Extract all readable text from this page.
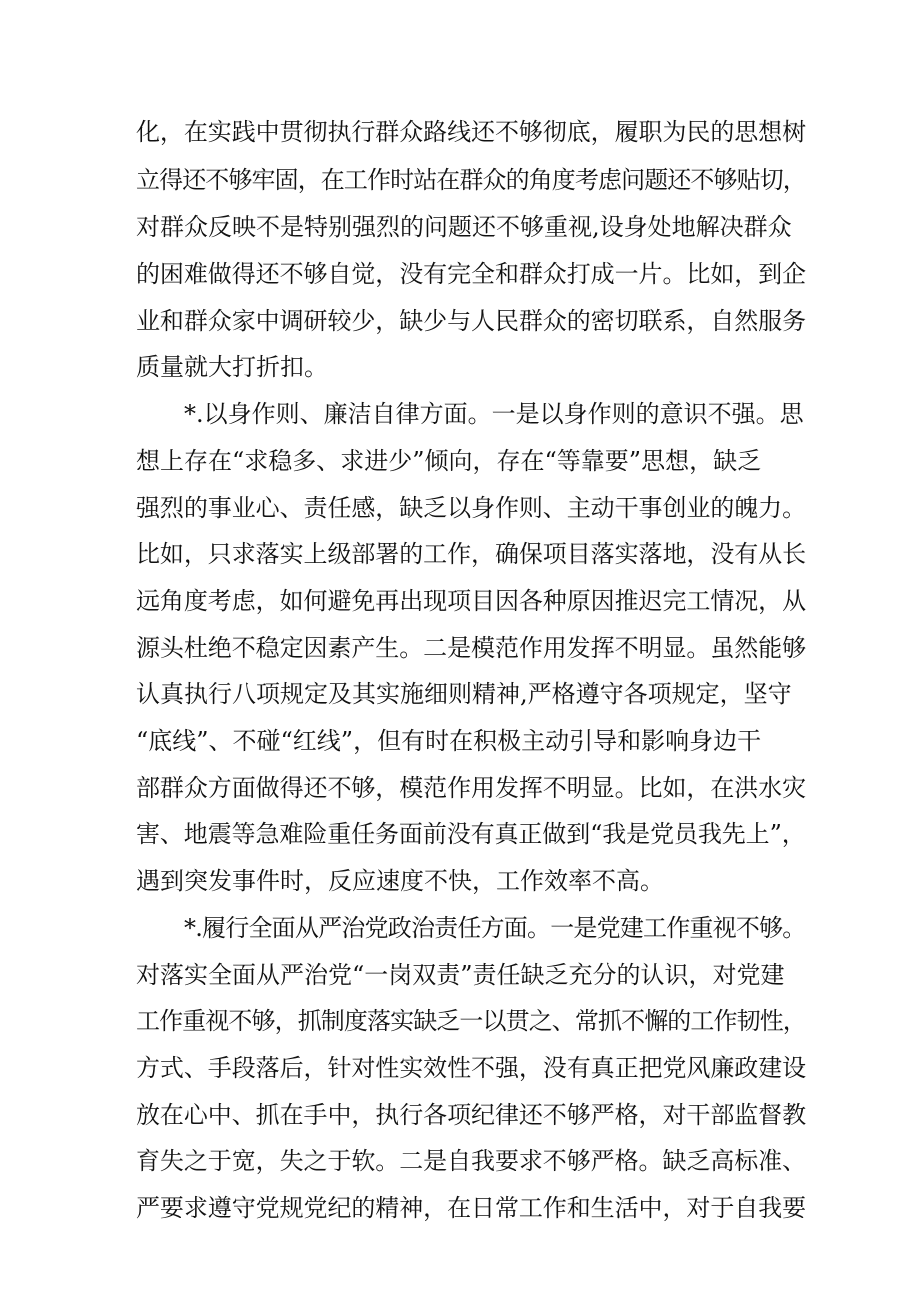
化，在实践中贯彻执行群众路线还不够彻底，履职为民的思想树
立得还不够牢固，在工作时站在群众的角度考虑问题还不够贴切，
对群众反映不是特别强烈的问题还不够重视,设身处地解决群众
的困难做得还不够自觉，没有完全和群众打成一片。比如，到企
业和群众家中调研较少，缺少与人民群众的密切联系，自然服务
质量就大打折扣。
*.以身作则、廉洁自律方面。一是以身作则的意识不强。思
想上存在“求稳多、求进少”倾向，存在“等靠要”思想，缺乏
强烈的事业心、责任感，缺乏以身作则、主动干事创业的魄力。
比如，只求落实上级部署的工作，确保项目落实落地，没有从长
远角度考虑，如何避免再出现项目因各种原因推迟完工情况，从
源头杜绝不稳定因素产生。二是模范作用发挥不明显。虽然能够
认真执行八项规定及其实施细则精神,严格遵守各项规定，坚守
“底线”、不碰“红线”，但有时在积极主动引导和影响身边干
部群众方面做得还不够，模范作用发挥不明显。比如，在洪水灾
害、地震等急难险重任务面前没有真正做到“我是党员我先上”，
遇到突发事件时，反应速度不快，工作效率不高。
*.履行全面从严治党政治责任方面。一是党建工作重视不够。
对落实全面从严治党“一岗双责”责任缺乏充分的认识，对党建
工作重视不够，抓制度落实缺乏一以贯之、常抓不懈的工作韧性，
方式、手段落后，针对性实效性不强，没有真正把党风廉政建设
放在心中、抓在手中，执行各项纪律还不够严格，对干部监督教
育失之于宽，失之于软。二是自我要求不够严格。缺乏高标准、
严要求遵守党规党纪的精神，在日常工作和生活中，对于自我要
